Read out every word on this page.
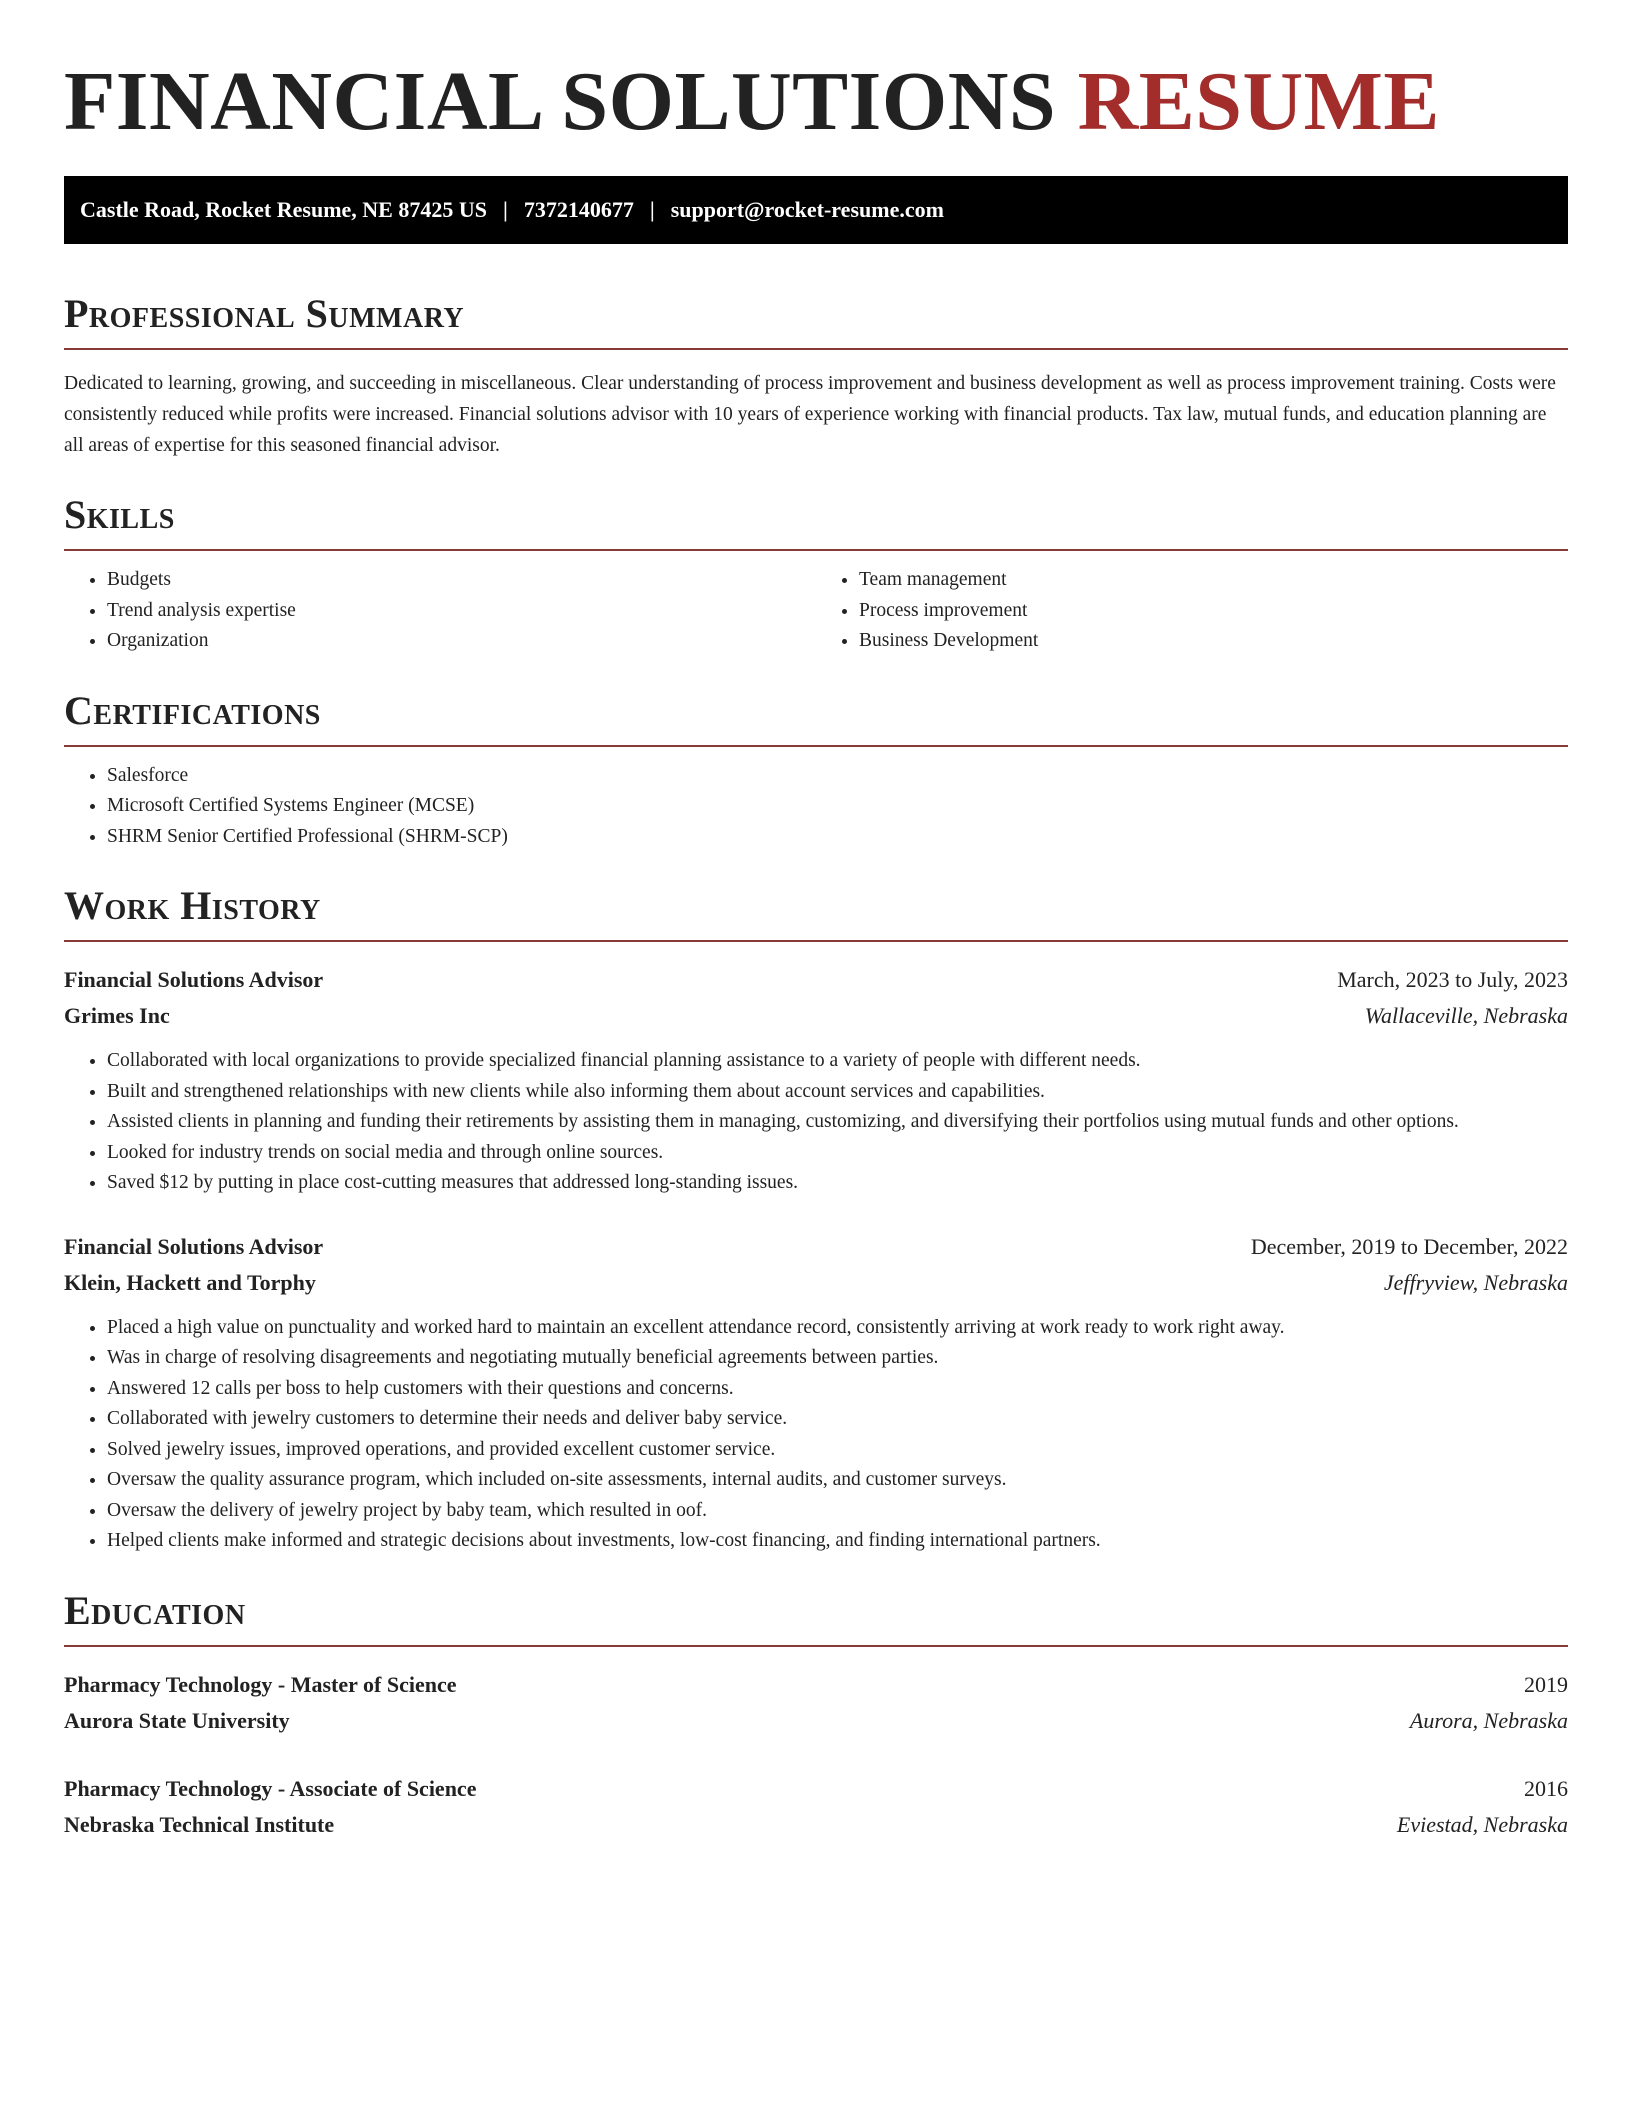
FINANCIAL SOLUTIONS RESUME
Castle Road, Rocket Resume, NE 87425 US | 7372140677 | support@rocket-resume.com
Professional Summary

Dedicated to learning, growing, and succeeding in miscellaneous. Clear understanding of process improvement and business development as well as process improvement training. Costs were consistently reduced while profits were increased. Financial solutions advisor with 10 years of experience working with financial products. Tax law, mutual funds, and education planning are all areas of expertise for this seasoned financial advisor.

Skills
• Budgets
• Trend analysis expertise
• Organization
• Team management
• Process improvement
• Business Development
Certifications
• Salesforce
• Microsoft Certified Systems Engineer (MCSE)
• SHRM Senior Certified Professional (SHRM-SCP)
Work History
Financial Solutions Advisor	March, 2023 to July, 2023
Grimes Inc	Wallaceville, Nebraska
• Collaborated with local organizations to provide specialized financial planning assistance to a variety of people with different needs.
• Built and strengthened relationships with new clients while also informing them about account services and capabilities.
• Assisted clients in planning and funding their retirements by assisting them in managing, customizing, and diversifying their portfolios using mutual funds and other options.
• Looked for industry trends on social media and through online sources.
• Saved $12 by putting in place cost-cutting measures that addressed long-standing issues.
Financial Solutions Advisor	December, 2019 to December, 2022
Klein, Hackett and Torphy	Jeffryview, Nebraska
• Placed a high value on punctuality and worked hard to maintain an excellent attendance record, consistently arriving at work ready to work right away.
• Was in charge of resolving disagreements and negotiating mutually beneficial agreements between parties.
• Answered 12 calls per boss to help customers with their questions and concerns.
• Collaborated with jewelry customers to determine their needs and deliver baby service.
• Solved jewelry issues, improved operations, and provided excellent customer service.
• Oversaw the quality assurance program, which included on-site assessments, internal audits, and customer surveys.
• Oversaw the delivery of jewelry project by baby team, which resulted in oof.
• Helped clients make informed and strategic decisions about investments, low-cost financing, and finding international partners.
Education
Pharmacy Technology - Master of Science	2019
Aurora State University	Aurora, Nebraska
Pharmacy Technology - Associate of Science	2016
Nebraska Technical Institute	Eviestad, Nebraska
